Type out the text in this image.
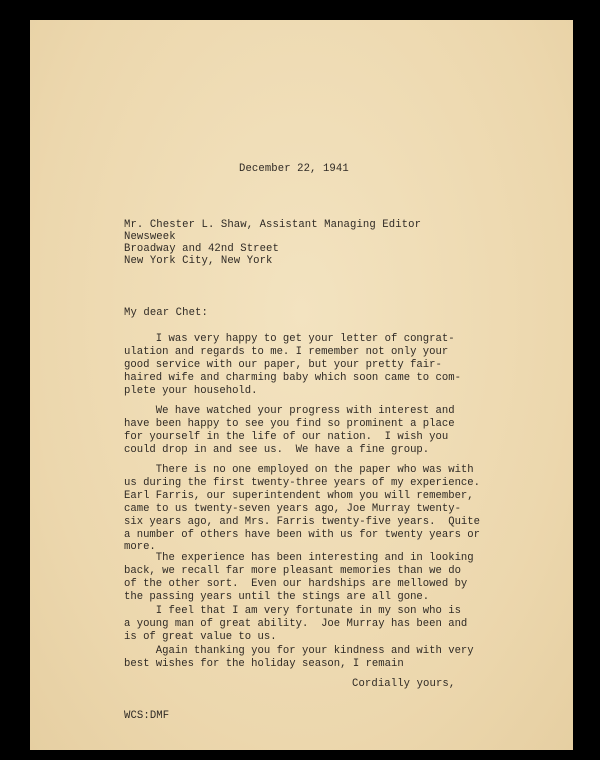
December 22, 1941
Mr. Chester L. Shaw, Assistant Managing Editor
Newsweek
Broadway and 42nd Street
New York City, New York
My dear Chet:
I was very happy to get your letter of congrat-
ulation and regards to me. I remember not only your
good service with our paper, but your pretty fair-
haired wife and charming baby which soon came to com-
plete your household.
We have watched your progress with interest and
have been happy to see you find so prominent a place
for yourself in the life of our nation.  I wish you
could drop in and see us.  We have a fine group.
There is no one employed on the paper who was with
us during the first twenty-three years of my experience.
Earl Farris, our superintendent whom you will remember,
came to us twenty-seven years ago, Joe Murray twenty-
six years ago, and Mrs. Farris twenty-five years.  Quite
a number of others have been with us for twenty years or
more.
The experience has been interesting and in looking
back, we recall far more pleasant memories than we do
of the other sort.  Even our hardships are mellowed by
the passing years until the stings are all gone.
I feel that I am very fortunate in my son who is
a young man of great ability.  Joe Murray has been and
is of great value to us.
Again thanking you for your kindness and with very
best wishes for the holiday season, I remain
Cordially yours,
WCS:DMF
